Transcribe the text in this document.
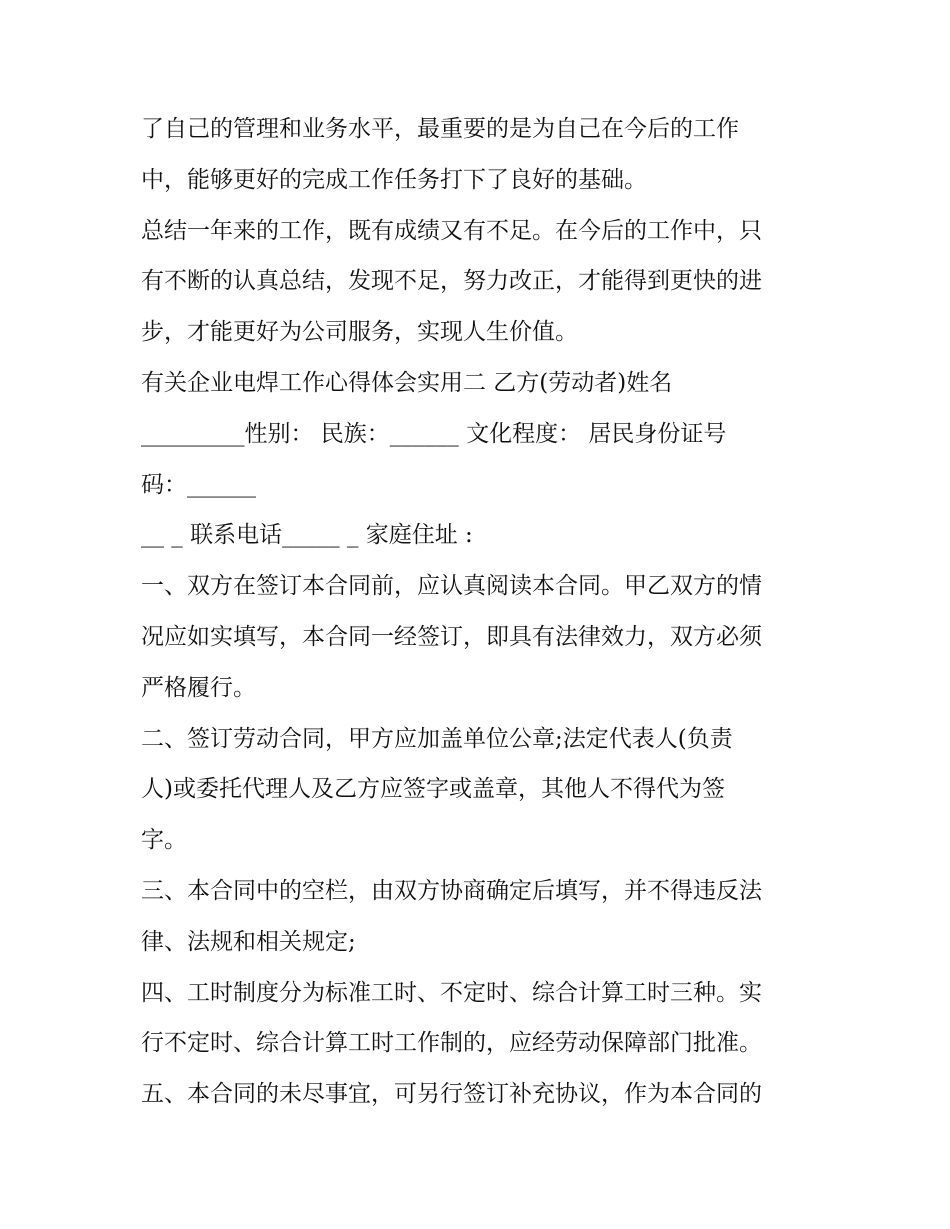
了自己的管理和业务水平，最重要的是为自己在今后的工作
中，能够更好的完成工作任务打下了良好的基础。
总结一年来的工作，既有成绩又有不足。在今后的工作中，只
有不断的认真总结，发现不足，努力改正，才能得到更快的进
步，才能更好为公司服务，实现人生价值。
有关企业电焊工作心得体会实用二 乙方(劳动者)姓名
_________性别： 民族：______ 文化程度： 居民身份证号
码：______
__ _ 联系电话_____ _ 家庭住址 :
一、双方在签订本合同前，应认真阅读本合同。甲乙双方的情
况应如实填写，本合同一经签订，即具有法律效力，双方必须
严格履行。
二、签订劳动合同，甲方应加盖单位公章;法定代表人(负责
人)或委托代理人及乙方应签字或盖章，其他人不得代为签
字。
三、本合同中的空栏，由双方协商确定后填写，并不得违反法
律、法规和相关规定;
四、工时制度分为标准工时、不定时、综合计算工时三种。实
行不定时、综合计算工时工作制的，应经劳动保障部门批准。
五、本合同的未尽事宜，可另行签订补充协议，作为本合同的
